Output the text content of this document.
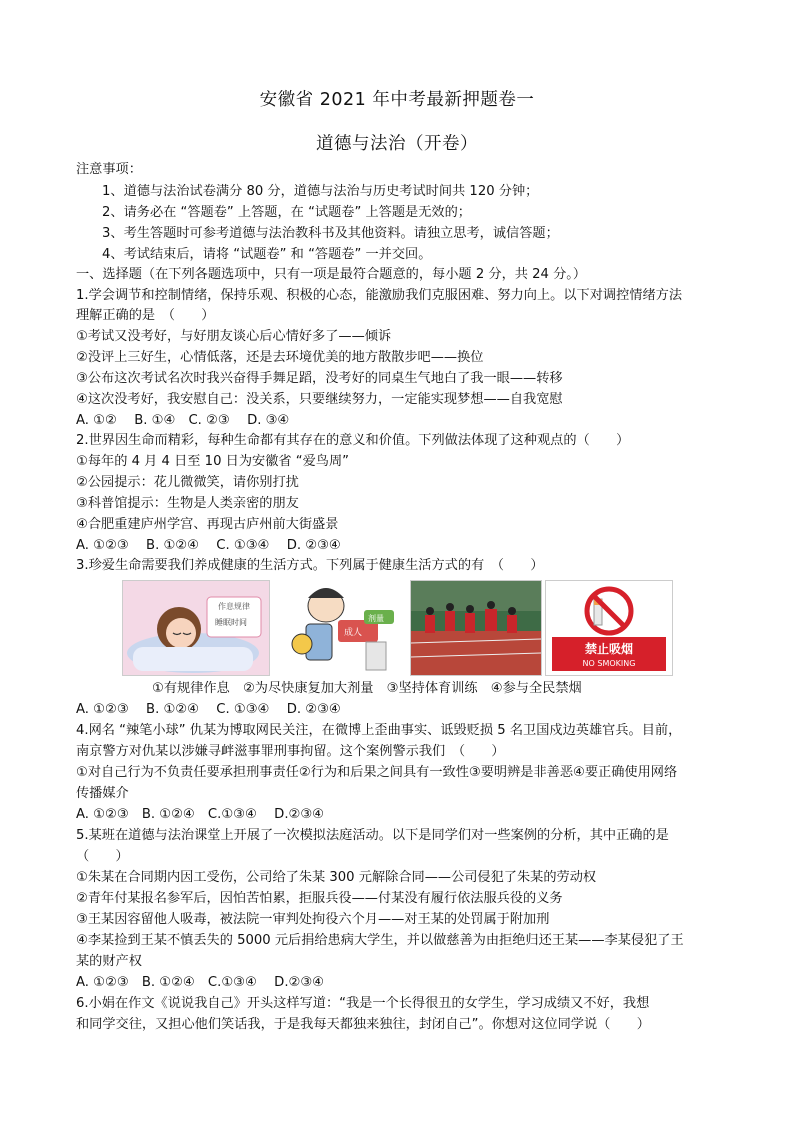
安徽省 2021 年中考最新押题卷一
道德与法治（开卷）
注意事项：
1、道德与法治试卷满分 80 分，道德与法治与历史考试时间共 120 分钟；
2、请务必在 “答题卷” 上答题，在 “试题卷” 上答题是无效的；
3、考生答题时可参考道德与法治教科书及其他资料。请独立思考，诚信答题；
4、考试结束后，请将 “试题卷” 和 “答题卷” 一并交回。
一、选择题（在下列各题选项中，只有一项是最符合题意的，每小题 2 分，共 24 分。）
1.学会调节和控制情绪，保持乐观、积极的心态，能激励我们克服困难、努力向上。以下对调控情绪方法
理解正确的是　（　　）
①考试又没考好，与好朋友谈心后心情好多了——倾诉
②没评上三好生，心情低落，还是去环境优美的地方散散步吧——换位
③公布这次考试名次时我兴奋得手舞足蹈，没考好的同桌生气地白了我一眼——转移
④这次没考好，我安慰自己：没关系，只要继续努力，一定能实现梦想——自我宽慰
A. ①②　 B. ①④　C. ②③　 D. ③④
2.世界因生命而精彩，每种生命都有其存在的意义和价值。下列做法体现了这种观点的（　　）
①每年的 4 月 4 日至 10 日为安徽省 “爱鸟周”
②公园提示：花儿微微笑，请你别打扰
③科普馆提示：生物是人类亲密的朋友
④合肥重建庐州学宫、再现古庐州前大街盛景
A. ①②③　 B. ①②④　 C. ①③④　 D. ②③④
3.珍爱生命需要我们养成健康的生活方式。下列属于健康生活方式的有　（　　）
作息规律
睡眠时间
成人
剂量
禁止吸烟
NO SMOKING
①有规律作息　②为尽快康复加大剂量　③坚持体育训练　④参与全民禁烟
A. ①②③　 B. ①②④　 C. ①③④　 D. ②③④
4.网名 “辣笔小球” 仇某为博取网民关注，在微博上歪曲事实、诋毁贬损 5 名卫国戍边英雄官兵。目前，
南京警方对仇某以涉嫌寻衅滋事罪刑事拘留。这个案例警示我们　（　　）
①对自己行为不负责任要承担刑事责任②行为和后果之间具有一致性③要明辨是非善恶④要正确使用网络
传播媒介
A. ①②③　B. ①②④　C.①③④　 D.②③④
5.某班在道德与法治课堂上开展了一次模拟法庭活动。以下是同学们对一些案例的分析，其中正确的是
（　　）
①朱某在合同期内因工受伤，公司给了朱某 300 元解除合同——公司侵犯了朱某的劳动权
②青年付某报名参军后，因怕苦怕累，拒服兵役——付某没有履行依法服兵役的义务
③王某因容留他人吸毒，被法院一审判处拘役六个月——对王某的处罚属于附加刑
④李某捡到王某不慎丢失的 5000 元后捐给患病大学生，并以做慈善为由拒绝归还王某——李某侵犯了王
某的财产权
A. ①②③　B. ①②④　C.①③④　 D.②③④
6.小娟在作文《说说我自己》开头这样写道：“我是一个长得很丑的女学生，学习成绩又不好，我想
和同学交往，又担心他们笑话我，于是我每天都独来独往，封闭自己”。你想对这位同学说（　　）
